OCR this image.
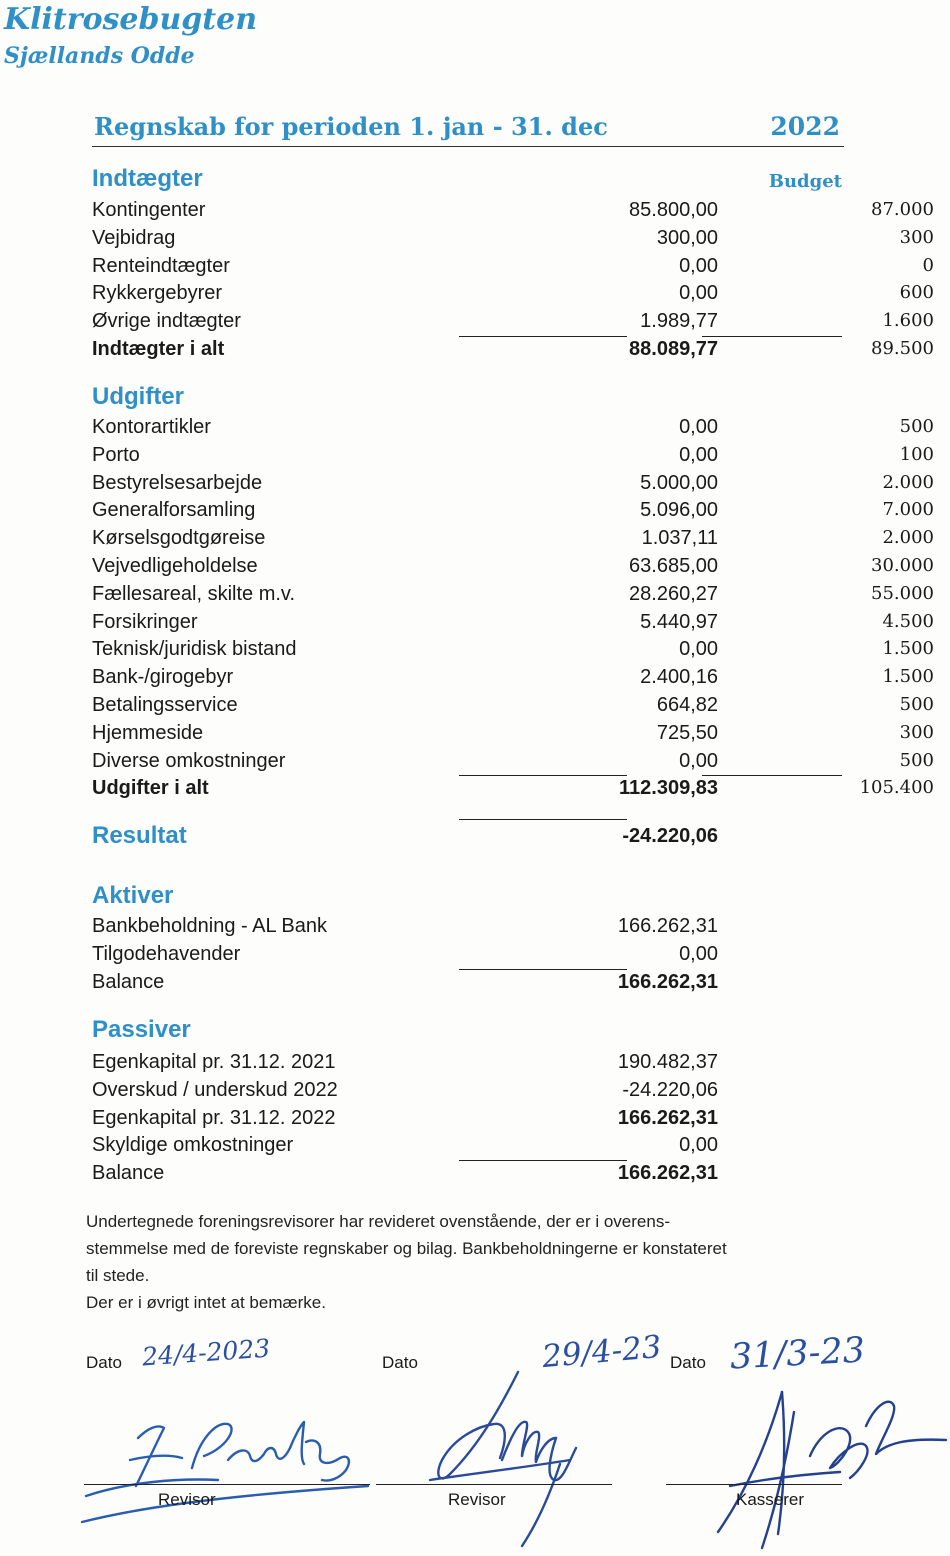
Klitrosebugten
Sjællands Odde
Regnskab for perioden 1. jan - 31. dec	2022
Indtægter
Kontingenter	85.800,00	87.000
Vejbidrag	300,00	300
Renteindtægter	0,00	0
Rykkergebyrer	0,00	600
Øvrige indtægter	1.989,77	1.600
Indtægter i alt	88.089,77	89.500
Udgifter
Kontorartikler	0,00	500
Porto	0,00	100
Bestyrelsesarbejde	5.000,00	2.000
Generalforsamling	5.096,00	7.000
Kørselsgodtgøreise	1.037,11	2.000
Vejvedligeholdelse	63.685,00	30.000
Fællesareal, skilte m.v.	28.260,27	55.000
Forsikringer	5.440,97	4.500
Teknisk/juridisk bistand	0,00	1.500
Bank-/girogebyr	2.400,16	1.500
Betalingsservice	664,82	500
Hjemmeside	725,50	300
Diverse omkostninger	0,00	500
Udgifter i alt	112.309,83	105.400
Resultat	-24.220,06
Aktiver
Bankbeholdning - AL Bank	166.262,31
Tilgodehavender	0,00
Balance	166.262,31
Passiver
Egenkapital pr. 31.12. 2021	190.482,37
Overskud / underskud 2022	-24.220,06
Egenkapital pr. 31.12. 2022	166.262,31
Skyldige omkostninger	0,00
Balance	166.262,31
Budget

Undertegnede foreningsrevisorer har revideret ovenstående, der er i overens-

stemmelse med de foreviste regnskaber og bilag. Bankbeholdningerne er konstateret

til stede.

Der er i øvrigt intet at bemærke.

Dato 24/4-2023
Revisor
Dato	29/4-23
Revisor
Dato 31/3-23
Kasserer
